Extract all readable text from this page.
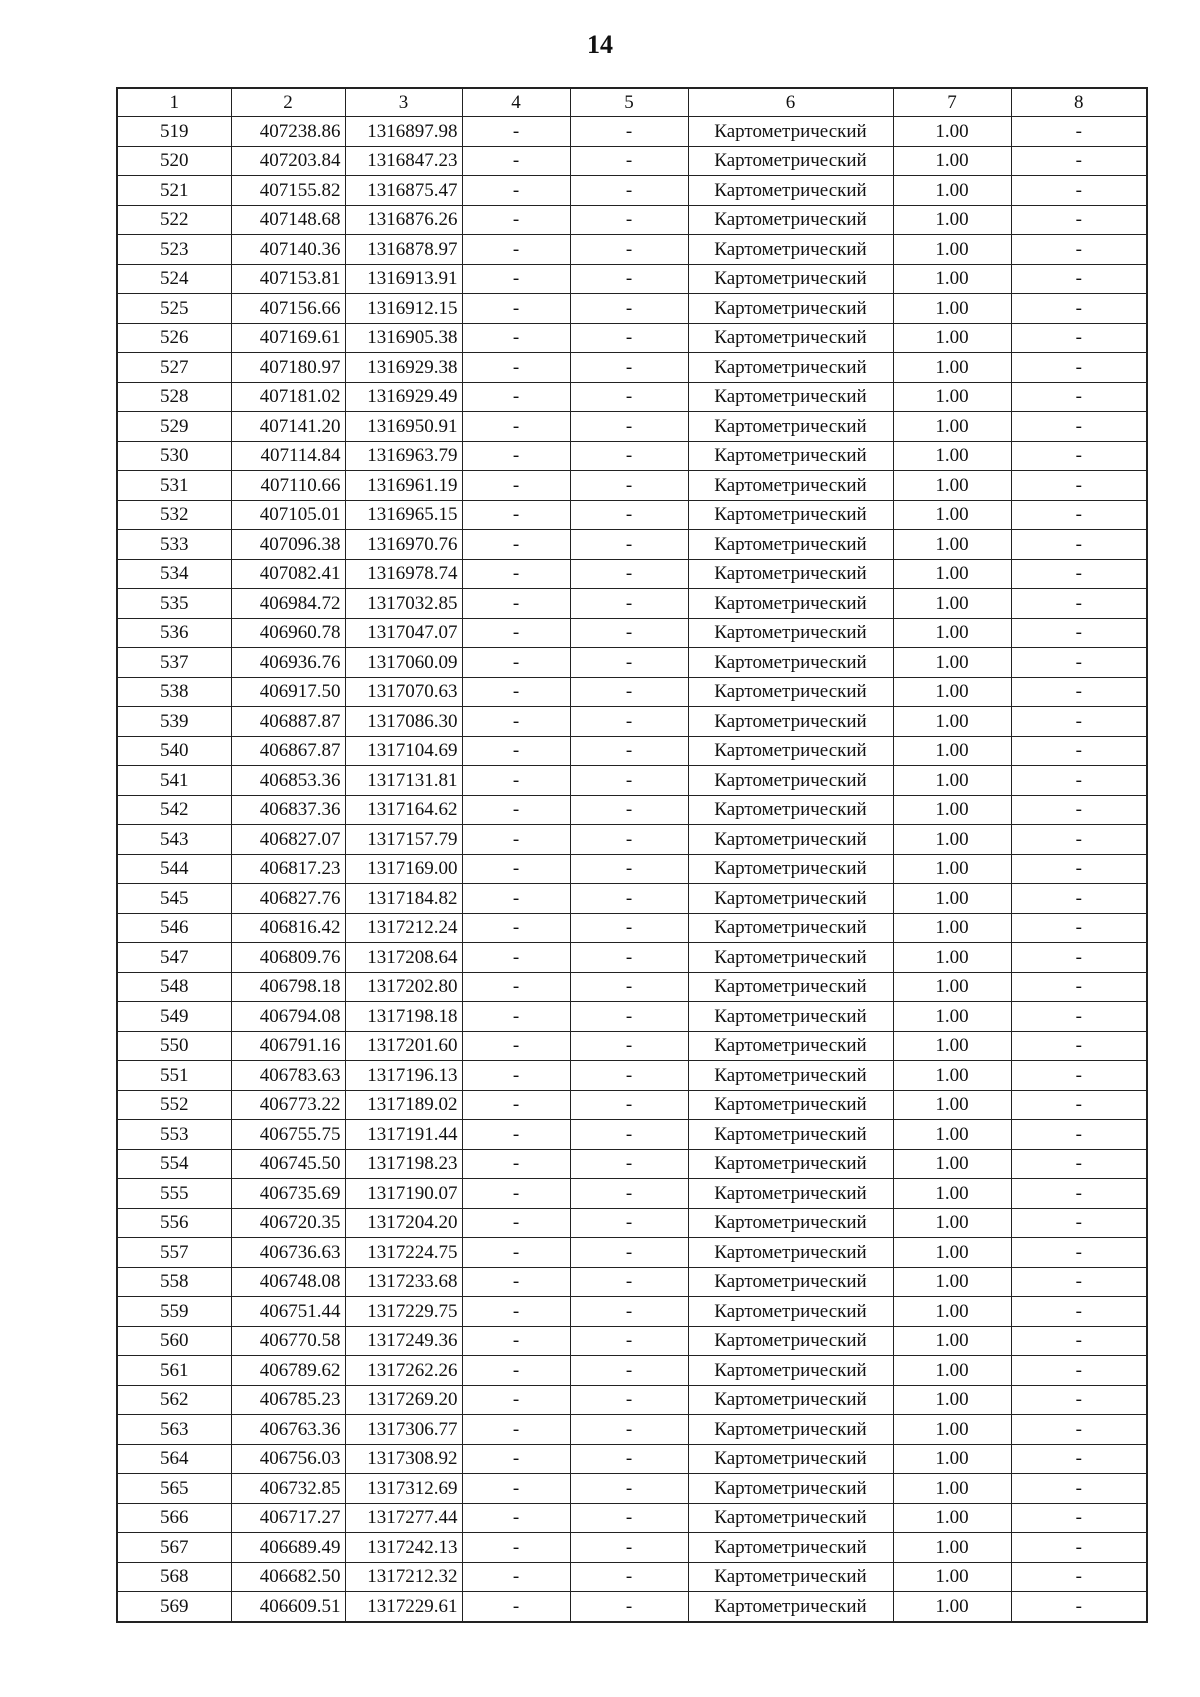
14
1	2	3	4	5	6	7	8
519	407238.86	1316897.98	-	-	Картометрический	1.00	-
520	407203.84	1316847.23	-	-	Картометрический	1.00	-
521	407155.82	1316875.47	-	-	Картометрический	1.00	-
522	407148.68	1316876.26	-	-	Картометрический	1.00	-
523	407140.36	1316878.97	-	-	Картометрический	1.00	-
524	407153.81	1316913.91	-	-	Картометрический	1.00	-
525	407156.66	1316912.15	-	-	Картометрический	1.00	-
526	407169.61	1316905.38	-	-	Картометрический	1.00	-
527	407180.97	1316929.38	-	-	Картометрический	1.00	-
528	407181.02	1316929.49	-	-	Картометрический	1.00	-
529	407141.20	1316950.91	-	-	Картометрический	1.00	-
530	407114.84	1316963.79	-	-	Картометрический	1.00	-
531	407110.66	1316961.19	-	-	Картометрический	1.00	-
532	407105.01	1316965.15	-	-	Картометрический	1.00	-
533	407096.38	1316970.76	-	-	Картометрический	1.00	-
534	407082.41	1316978.74	-	-	Картометрический	1.00	-
535	406984.72	1317032.85	-	-	Картометрический	1.00	-
536	406960.78	1317047.07	-	-	Картометрический	1.00	-
537	406936.76	1317060.09	-	-	Картометрический	1.00	-
538	406917.50	1317070.63	-	-	Картометрический	1.00	-
539	406887.87	1317086.30	-	-	Картометрический	1.00	-
540	406867.87	1317104.69	-	-	Картометрический	1.00	-
541	406853.36	1317131.81	-	-	Картометрический	1.00	-
542	406837.36	1317164.62	-	-	Картометрический	1.00	-
543	406827.07	1317157.79	-	-	Картометрический	1.00	-
544	406817.23	1317169.00	-	-	Картометрический	1.00	-
545	406827.76	1317184.82	-	-	Картометрический	1.00	-
546	406816.42	1317212.24	-	-	Картометрический	1.00	-
547	406809.76	1317208.64	-	-	Картометрический	1.00	-
548	406798.18	1317202.80	-	-	Картометрический	1.00	-
549	406794.08	1317198.18	-	-	Картометрический	1.00	-
550	406791.16	1317201.60	-	-	Картометрический	1.00	-
551	406783.63	1317196.13	-	-	Картометрический	1.00	-
552	406773.22	1317189.02	-	-	Картометрический	1.00	-
553	406755.75	1317191.44	-	-	Картометрический	1.00	-
554	406745.50	1317198.23	-	-	Картометрический	1.00	-
555	406735.69	1317190.07	-	-	Картометрический	1.00	-
556	406720.35	1317204.20	-	-	Картометрический	1.00	-
557	406736.63	1317224.75	-	-	Картометрический	1.00	-
558	406748.08	1317233.68	-	-	Картометрический	1.00	-
559	406751.44	1317229.75	-	-	Картометрический	1.00	-
560	406770.58	1317249.36	-	-	Картометрический	1.00	-
561	406789.62	1317262.26	-	-	Картометрический	1.00	-
562	406785.23	1317269.20	-	-	Картометрический	1.00	-
563	406763.36	1317306.77	-	-	Картометрический	1.00	-
564	406756.03	1317308.92	-	-	Картометрический	1.00	-
565	406732.85	1317312.69	-	-	Картометрический	1.00	-
566	406717.27	1317277.44	-	-	Картометрический	1.00	-
567	406689.49	1317242.13	-	-	Картометрический	1.00	-
568	406682.50	1317212.32	-	-	Картометрический	1.00	-
569	406609.51	1317229.61	-	-	Картометрический	1.00	-
